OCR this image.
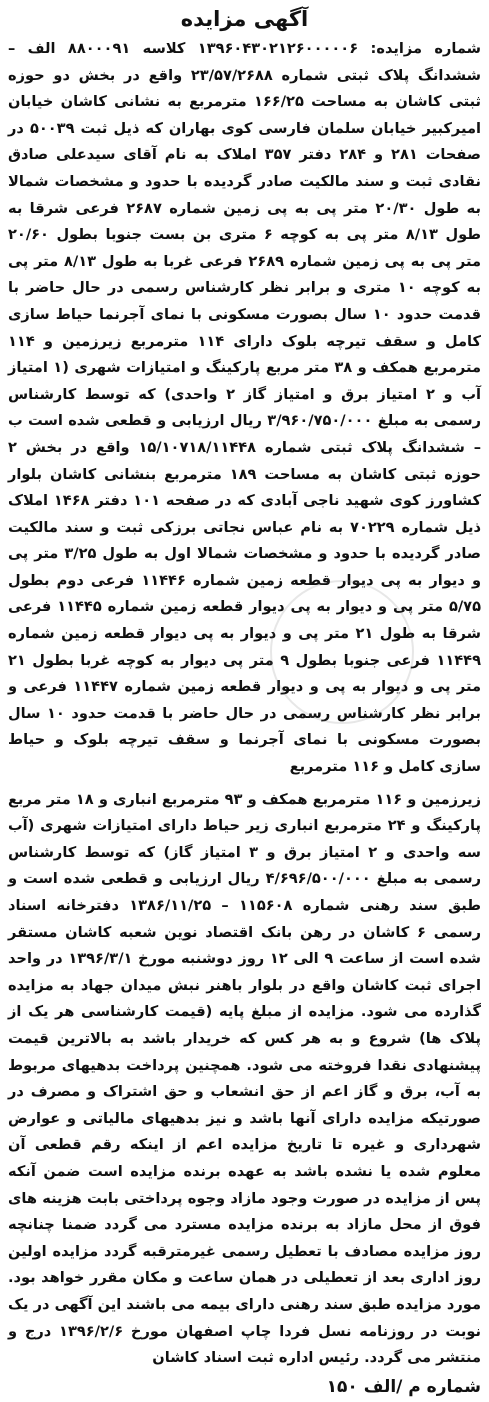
آگهی مزایده

شماره مزایده: ۱۳۹۶۰۴۳۰۲۱۲۶۰۰۰۰۰۶ کلاسه ۸۸۰۰۰۹۱ الف – ششدانگ پلاک ثبتی شماره ۲۳/۵۷/۲۶۸۸ واقع در بخش دو حوزه ثبتی کاشان به مساحت ۱۶۶/۲۵ مترمربع به نشانی کاشان خیابان امیرکبیر خیابان سلمان فارسی کوی بهاران که ذیل ثبت ۵۰۰۳۹ در صفحات ۲۸۱ و ۲۸۴ دفتر ۳۵۷ املاک به نام آقای سیدعلی صادق نقادی ثبت و سند مالکیت صادر گردیده با حدود و مشخصات شمالا به طول ۲۰/۳۰ متر پی به پی زمین شماره ۲۶۸۷ فرعی شرقا به طول ۸/۱۳ متر پی به کوچه ۶ متری بن بست جنوبا بطول ۲۰/۶۰ متر پی به پی زمین شماره ۲۶۸۹ فرعی غربا به طول ۸/۱۳ متر پی به کوچه ۱۰ متری و برابر نظر کارشناس رسمی در حال حاضر با قدمت حدود ۱۰ سال بصورت مسکونی با نمای آجرنما حیاط سازی کامل و سقف تیرچه بلوک دارای ۱۱۴ مترمربع زیرزمین و ۱۱۴ مترمربع همکف و ۳۸ متر مربع پارکینگ و امتیازات شهری (۱ امتیاز آب و ۲ امتیاز برق و امتیاز گاز ۲ واحدی) که توسط کارشناس رسمی به مبلغ ۳/۹۶۰/۷۵۰/۰۰۰ ریال ارزیابی و قطعی شده است ب – ششدانگ پلاک ثبتی شماره ۱۵/۱۰۷۱۸/۱۱۴۴۸ واقع در بخش ۲ حوزه ثبتی کاشان به مساحت ۱۸۹ مترمربع بنشانی کاشان بلوار کشاورز کوی شهید ناجی آبادی که در صفحه ۱۰۱ دفتر ۱۴۶۸ املاک ذیل شماره ۷۰۲۲۹ به نام عباس نجاتی برزکی ثبت و سند مالکیت صادر گردیده با حدود و مشخصات شمالا اول به طول ۳/۲۵ متر پی و دیوار به پی دیوار قطعه زمین شماره ۱۱۴۴۶ فرعی دوم بطول ۵/۷۵ متر پی و دیوار به پی دیوار قطعه زمین شماره ۱۱۴۴۵ فرعی شرقا به طول ۲۱ متر پی و دیوار به پی دیوار قطعه زمین شماره ۱۱۴۴۹ فرعی جنوبا بطول ۹ متر پی دیوار به کوچه غربا بطول ۲۱ متر پی و دیوار به پی و دیوار قطعه زمین شماره ۱۱۴۴۷ فرعی و برابر نظر کارشناس رسمی در حال حاضر با قدمت حدود ۱۰ سال بصورت مسکونی با نمای آجرنما و سقف تیرچه بلوک و حیاط سازی کامل و ۱۱۶ مترمربع

زیرزمین و ۱۱۶ مترمربع همکف و ۹۳ مترمربع انباری و ۱۸ متر مربع پارکینگ و ۲۴ مترمربع انباری زیر حیاط دارای امتیازات شهری (آب سه واحدی و ۲ امتیاز برق و ۳ امتیاز گاز) که توسط کارشناس رسمی به مبلغ ۴/۶۹۶/۵۰۰/۰۰۰ ریال ارزیابی و قطعی شده است و طبق سند رهنی شماره ۱۱۵۶۰۸ – ۱۳۸۶/۱۱/۲۵ دفترخانه اسناد رسمی ۶ کاشان در رهن بانک اقتصاد نوین شعبه کاشان مستقر شده است از ساعت ۹ الی ۱۲ روز دوشنبه مورخ ۱۳۹۶/۳/۱ در واحد اجرای ثبت کاشان واقع در بلوار باهنر نبش میدان جهاد به مزایده گذارده می شود. مزایده از مبلغ پایه (قیمت کارشناسی هر یک از پلاک ها) شروع و به هر کس که خریدار باشد به بالاترین قیمت پیشنهادی نقدا فروخته می شود. همچنین پرداخت بدهیهای مربوط به آب، برق و گاز اعم از حق انشعاب و حق اشتراک و مصرف در صورتیکه مزایده دارای آنها باشد و نیز بدهیهای مالیاتی و عوارض شهرداری و غیره تا تاریخ مزایده اعم از اینکه رقم قطعی آن معلوم شده یا نشده باشد به عهده برنده مزایده است ضمن آنکه پس از مزایده در صورت وجود مازاد وجوه پرداختی بابت هزینه های فوق از محل مازاد به برنده مزایده مسترد می گردد ضمنا چنانچه روز مزایده مصادف با تعطیل رسمی غیرمترقبه گردد مزایده اولین روز اداری بعد از تعطیلی در همان ساعت و مکان مقرر خواهد بود. مورد مزایده طبق سند رهنی دارای بیمه می باشند این آگهی در یک نوبت در روزنامه نسل فردا چاپ اصفهان مورخ ۱۳۹۶/۲/۶ درج و منتشر می گردد. رئیس اداره ثبت اسناد کاشان

شماره م /الف ۱۵۰
